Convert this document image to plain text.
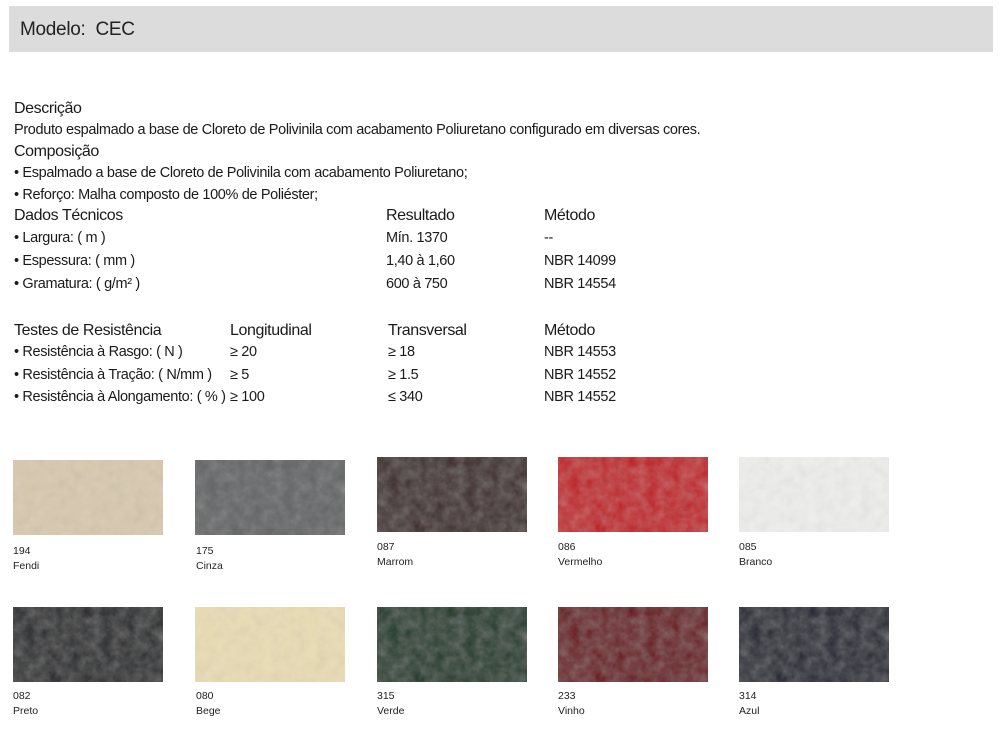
Modelo: CEC
Descrição
Produto espalmado a base de Cloreto de Polivinila com acabamento Poliuretano configurado em diversas cores.
Composição
• Espalmado a base de Cloreto de Polivinila com acabamento Poliuretano;
• Reforço: Malha composto de 100% de Poliéster;
Dados Técnicos	Resultado	Método
• Largura: ( m )	Mín. 1370	--
• Espessura: ( mm )	1,40 à 1,60	NBR 14099
• Gramatura: ( g/m² )	600 à 750	NBR 14554
Testes de Resistência	Longitudinal	Transversal	Método
• Resistência à Rasgo: ( N )	≥ 20	≥ 18	NBR 14553
• Resistência à Tração: ( N/mm ) ≥ 5	≥ 1.5	NBR 14552
• Resistência à Alongamento: ( % ) ≥ 100	≤ 340	NBR 14552
194
Fendi
175
Cinza
087
Marrom
086
Vermelho
085
Branco
082
Preto
080
Bege
315
Verde
233
Vinho
314
Azul
